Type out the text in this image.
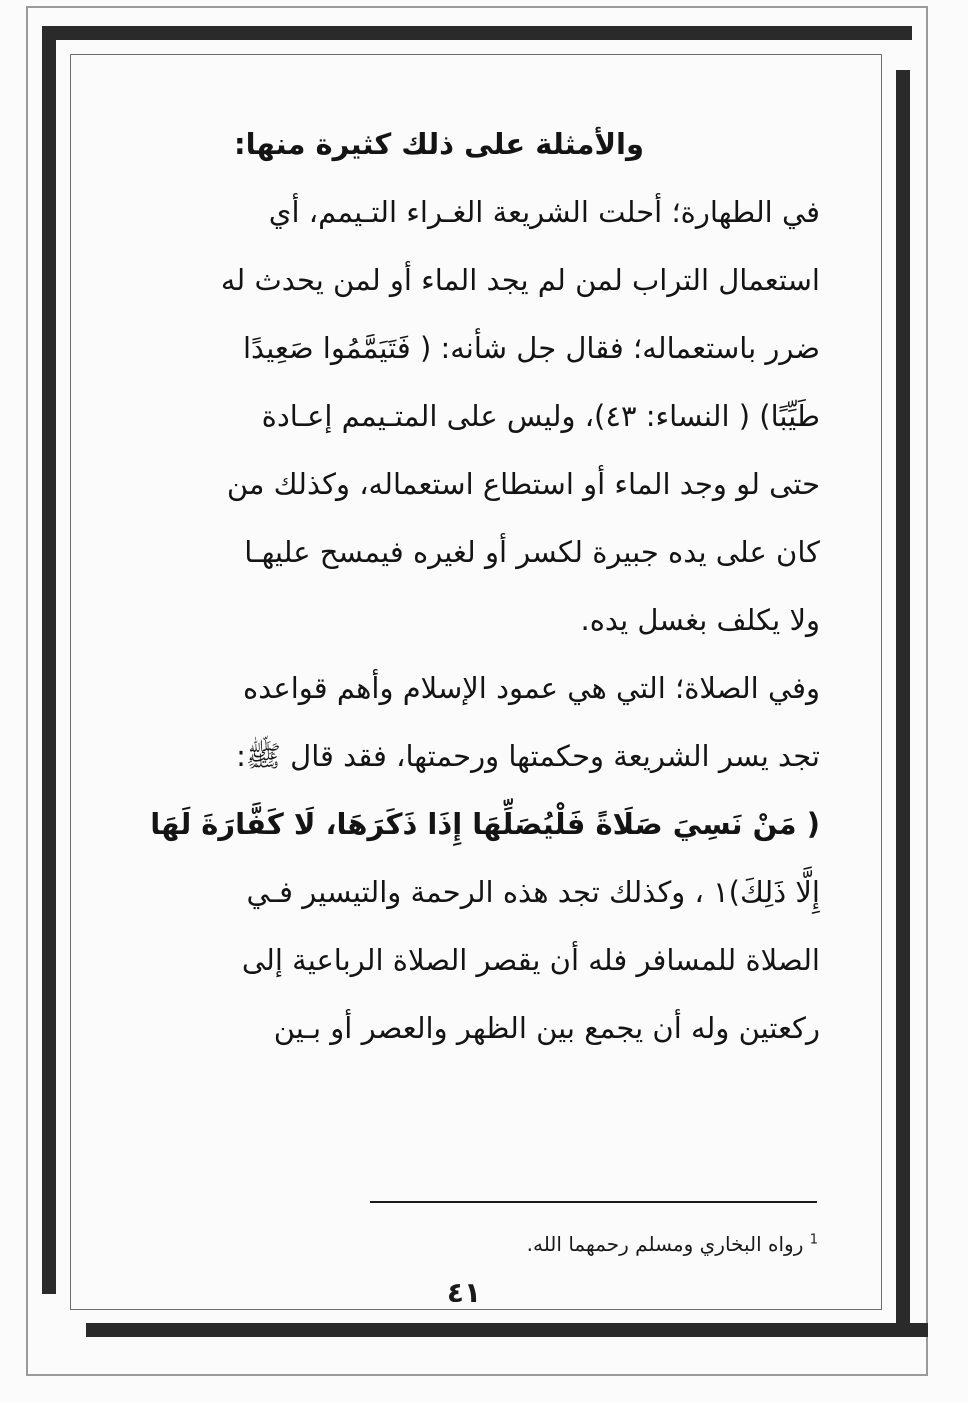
والأمثلة على ذلك كثيرة منها:
في الطهارة؛ أحلت الشريعة الغـراء التـيمم، أي
استعمال التراب لمن لم يجد الماء أو لمن يحدث له
ضرر باستعماله؛ فقال جل شأنه: ( فَتَيَمَّمُوا صَعِيدًا
طَيِّبًا) ( النساء: ٤٣)، وليس على المتـيمم إعـادة
حتى لو وجد الماء أو استطاع استعماله، وكذلك من
كان على يده جبيرة لكسر أو لغيره فيمسح عليهـا
ولا يكلف بغسل يده.
وفي الصلاة؛ التي هي عمود الإسلام وأهم قواعده
تجد يسر الشريعة وحكمتها ورحمتها، فقد قال ﷺ:
( مَنْ نَسِيَ صَلَاةً فَلْيُصَلِّهَا إِذَا ذَكَرَهَا، لَا كَفَّارَةَ لَهَا
إِلَّا ذَلِكَ)١ ، وكذلك تجد هذه الرحمة والتيسير فـي
الصلاة للمسافر فله أن يقصر الصلاة الرباعية إلى
ركعتين وله أن يجمع بين الظهر والعصر أو بـين
$^1$ رواه البخاري ومسلم رحمهما الله.
٤١
